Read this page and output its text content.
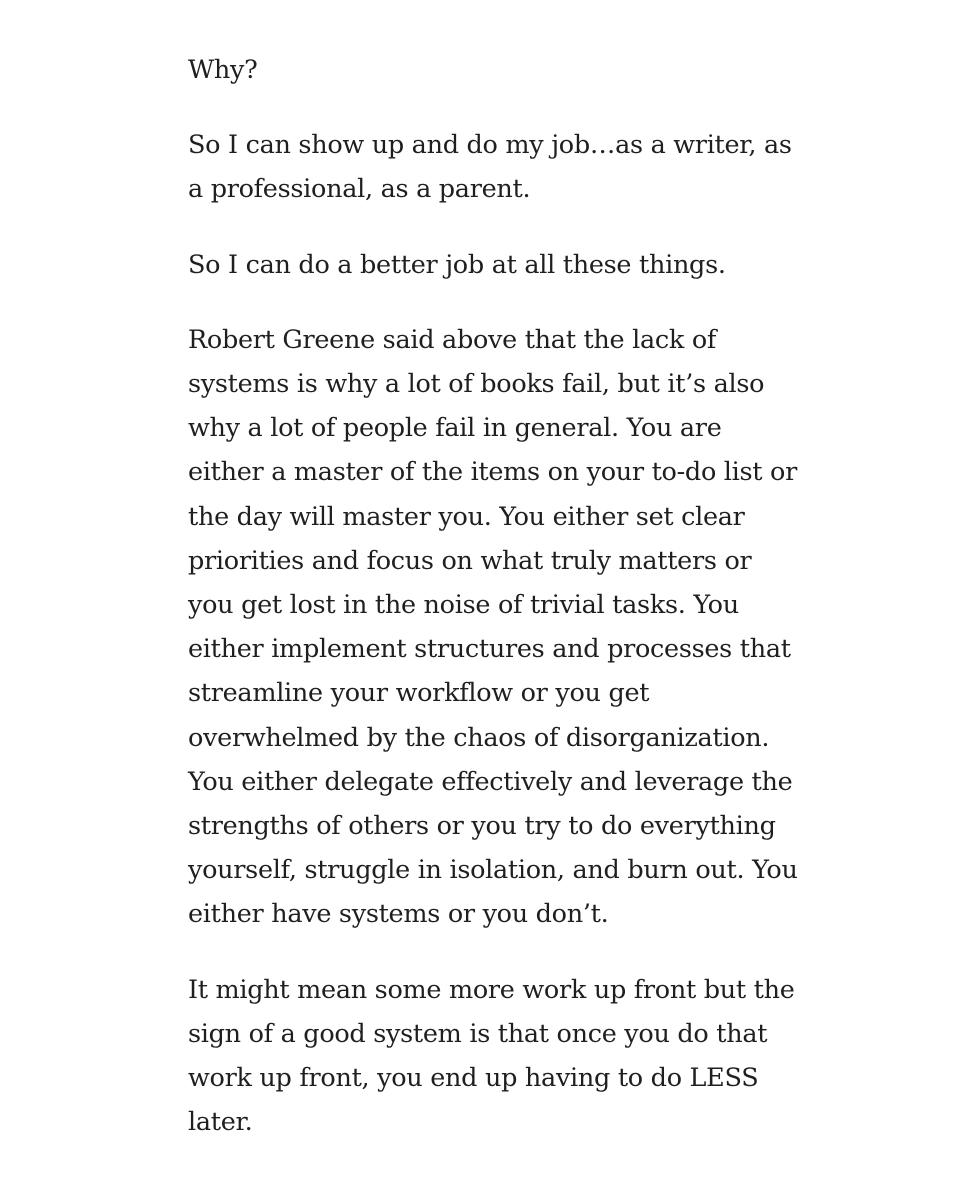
Why?

So I can show up and do my job…as a writer, as a professional, as a parent.

So I can do a better job at all these things.

Robert Greene said above that the lack of systems is why a lot of books fail, but it’s also why a lot of people fail in general. You are either a master of the items on your to-do list or the day will master you. You either set clear priorities and focus on what truly matters or you get lost in the noise of trivial tasks. You either implement structures and processes that streamline your workflow or you get overwhelmed by the chaos of disorganization. You either delegate effectively and leverage the strengths of others or you try to do everything yourself, struggle in isolation, and burn out. You either have systems or you don’t.

It might mean some more work up front but the sign of a good system is that once you do that work up front, you end up having to do LESS later.
